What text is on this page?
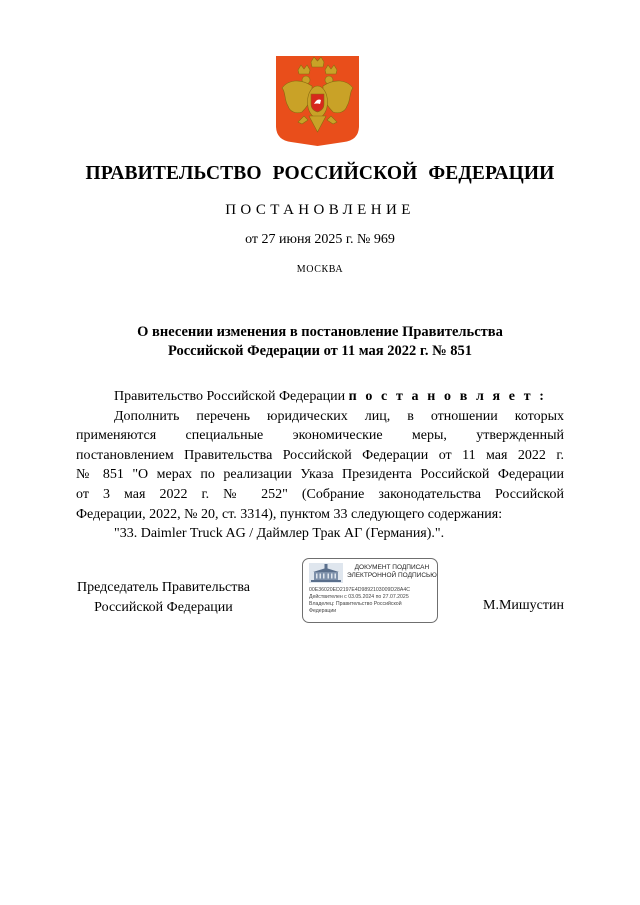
ПРАВИТЕЛЬСТВО РОССИЙСКОЙ ФЕДЕРАЦИИ
ПОСТАНОВЛЕНИЕ
от 27 июня 2025 г. № 969
МОСКВА
О внесении изменения в постановление Правительства
Российской Федерации от 11 мая 2022 г. № 851
Правительство Российской Федерации п о с т а н о в л я е т :
Дополнить перечень юридических лиц, в отношении которых
применяются специальные экономические меры, утвержденный
постановлением Правительства Российской Федерации от 11 мая 2022 г.
№ 851 "О мерах по реализации Указа Президента Российской Федерации
от 3 мая 2022 г. № 252" (Собрание законодательства Российской
Федерации, 2022, № 20, ст. 3314), пунктом 33 следующего содержания:
"33. Daimler Truck AG / Даймлер Трак АГ (Германия).".
Председатель Правительства
Российской Федерации
ДОКУМЕНТ ПОДПИСАН
ЭЛЕКТРОННОЙ ПОДПИСЬЮ
00E36020ED2197E4D9892103009D28A4C
Действителен с 03.05.2024 по 27.07.2025
Владелец: Правительство Российской
Федерации	М.Мишустин
